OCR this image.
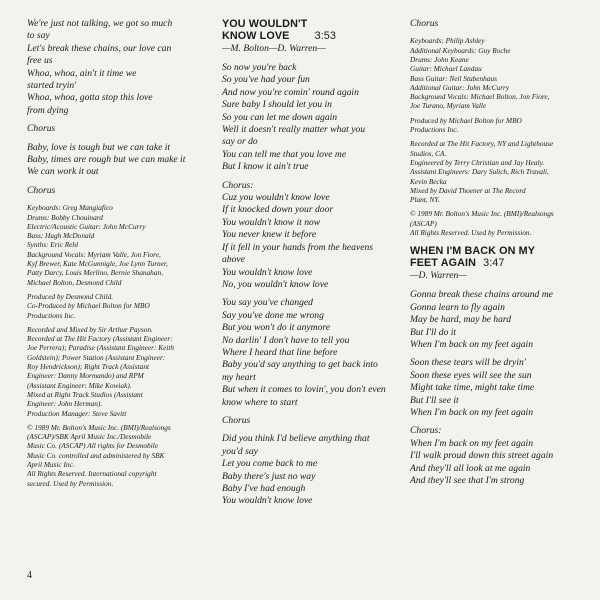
We're just not talking, we got so much
to say
Let's break these chains, our love can
free us
Whoa, whoa, ain't it time we
started tryin'
Whoa, whoa, gotta stop this love
from dying

Chorus

Baby, love is tough but we can take it
Baby, times are rough but we can make it
We can work it out

Chorus

Keyboards: Greg Mangiafico
Drums: Bobby Chouinard
Electric/Acoustic Guitar: John McCurry
Bass: Hugh McDonald
Synths: Eric Rehl
Background Vocals: Myriam Valle, Jon Fiore,
Kyf Brewer, Kate McGunnigle, Joe Lynn Turner,
Patty Darcy, Louis Merlino, Bernie Shanahan,
Michael Bolton, Desmond Child

Produced by Desmond Child.
Co-Produced by Michael Bolton for MBO
Productions Inc.

Recorded and Mixed by Sir Arthur Payson.
Recorded at The Hit Factory (Assistant Engineer:
Joe Perrera); Paradise (Assistant Engineer: Keith
Goldstein); Power Station (Assistant Engineer:
Roy Hendrickson); Right Track (Assistant
Engineer: Danny Mormando) and RPM
(Assistant Engineer: Mike Kowiak).
Mixed at Right Track Studios (Assistant
Engineer: John Herman).
Production Manager: Steve Savitt

© 1989 Mr. Bolton's Music Inc. (BMI)/Realsongs
(ASCAP)/SBK April Music Inc./Desmobile
Music Co. (ASCAP) All rights for Desmobile
Music Co. controlled and administered by SBK
April Music Inc.
All Rights Reserved. International copyright
secured. Used by Permission.

YOU WOULDN'T
KNOW LOVE 3:53
—M. Bolton—D. Warren—

So now you're back
So you've had your fun
And now you're comin' round again
Sure baby I should let you in
So you can let me down again
Well it doesn't really matter what you
say or do
You can tell me that you love me
But I know it ain't true

Chorus:
Cuz you wouldn't know love
If it knocked down your door
You wouldn't know it now
You never knew it before
If it fell in your hands from the heavens
above
You wouldn't know love
No, you wouldn't know love

You say you've changed
Say you've done me wrong
But you won't do it anymore
No darlin' I don't have to tell you
Where I heard that line before
Baby you'd say anything to get back into
my heart
But when it comes to lovin', you don't even
know where to start

Chorus

Did you think I'd believe anything that
you'd say
Let you come back to me
Baby there's just no way
Baby I've had enough
You wouldn't know love

Chorus

Keyboards: Philip Ashley
Additional Keyboards: Guy Roche
Drums: John Keane
Guitar: Michael Landau
Bass Guitar: Neil Stubenhaus
Additional Guitar: John McCurry
Background Vocals: Michael Bolton, Jon Fiore,
Joe Turano, Myriam Valle

Produced by Michael Bolton for MBO
Productions Inc.

Recorded at The Hit Factory, NY and Lighthouse
Studios, CA.
Engineered by Terry Christian and Jay Healy.
Assistant Engineers: Dary Sulich, Rich Travali,
Kevin Becka
Mixed by David Thoener at The Record
Plant, NY.

© 1989 Mr. Bolton's Music Inc. (BMI)/Realsongs
(ASCAP)
All Rights Reserved. Used by Permission.

WHEN I'M BACK ON MY
FEET AGAIN 3:47
—D. Warren—

Gonna break these chains around me
Gonna learn to fly again
May be hard, may be hard
But I'll do it
When I'm back on my feet again

Soon these tears will be dryin'
Soon these eyes will see the sun
Might take time, might take time
But I'll see it
When I'm back on my feet again

Chorus:
When I'm back on my feet again
I'll walk proud down this street again
And they'll all look at me again
And they'll see that I'm strong

4
